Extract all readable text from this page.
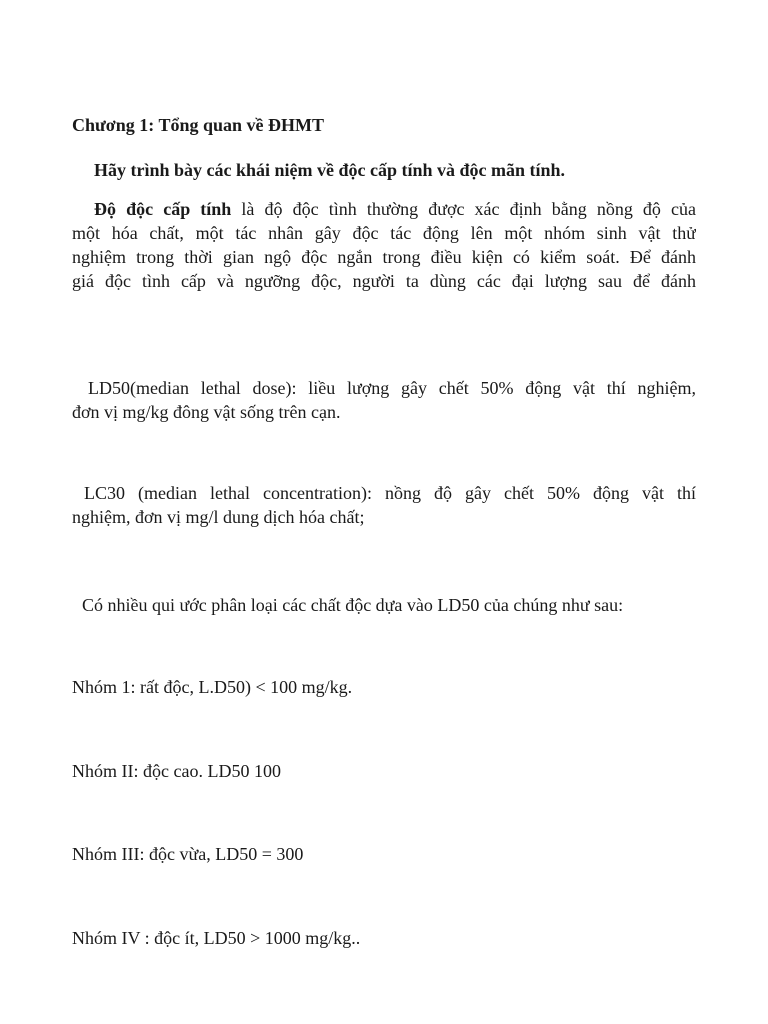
Chương 1: Tổng quan về ĐHMT
Hãy trình bày các khái niệm về độc cấp tính và độc mãn tính.
Độ độc cấp tính là độ độc tình thường được xác định bằng nồng độ của
một hóa chất, một tác nhân gây độc tác động lên một nhóm sinh vật thử
nghiệm trong thời gian ngộ độc ngắn trong điều kiện có kiểm soát. Để đánh
giá độc tình cấp và ngưỡng độc, người ta dùng các đại lượng sau để đánh
LD50(median lethal dose): liều lượng gây chết 50% động vật thí nghiệm,
đơn vị mg/kg đông vật sống trên cạn.
LC30 (median lethal concentration): nồng độ gây chết 50% động vật thí
nghiệm, đơn vị mg/l dung dịch hóa chất;
Có nhiều qui ước phân loại các chất độc dựa vào LD50 của chúng như sau:
Nhóm 1: rất độc, L.D50) < 100 mg/kg.
Nhóm II: độc cao. LD50 100
Nhóm III: độc vừa, LD50 = 300
Nhóm IV : độc ít, LD50 > 1000 mg/kg..
